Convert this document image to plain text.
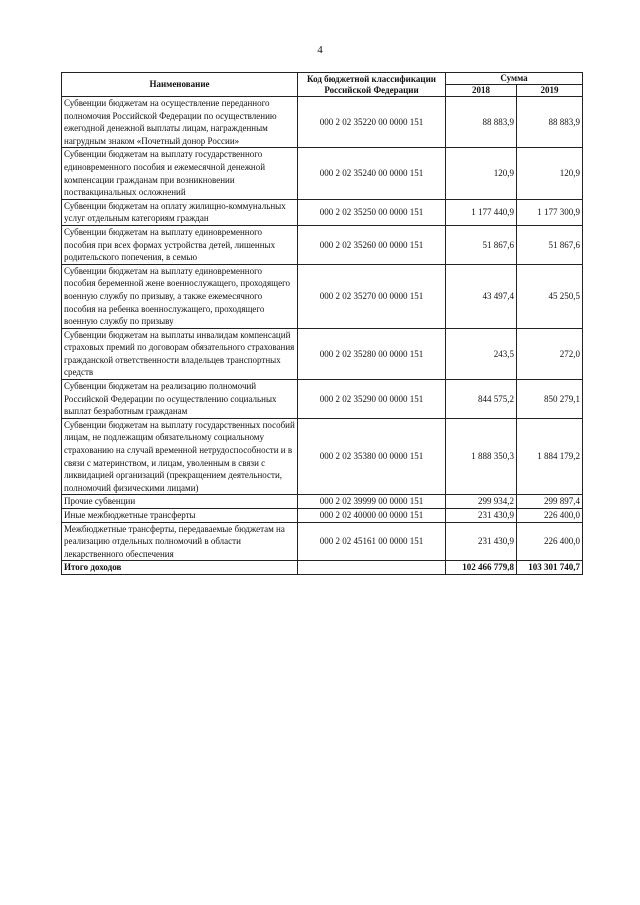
4
Наименование	Код бюджетной классификации Российской Федерации	Сумма	
		2018	2019
Субвенции бюджетам на осуществление переданного полномочия Российской Федерации по осуществлению ежегодной денежной выплаты лицам, награжденным нагрудным знаком «Почетный донор России»	000 2 02 35220 00 0000 151	88 883,9	88 883,9
Субвенции бюджетам на выплату государственного единовременного пособия и ежемесячной денежной компенсации гражданам при возникновении поствакцинальных осложнений	000 2 02 35240 00 0000 151	120,9	120,9
Субвенции бюджетам на оплату жилищно-коммунальных услуг отдельным категориям граждан	000 2 02 35250 00 0000 151	1 177 440,9	1 177 300,9
Субвенции бюджетам на выплату единовременного пособия при всех формах устройства детей, лишенных родительского попечения, в семью	000 2 02 35260 00 0000 151	51 867,6	51 867,6
Субвенции бюджетам на выплату единовременного пособия беременной жене военнослужащего, проходящего военную службу по призыву, а также ежемесячного пособия на ребенка военнослужащего, проходящего военную службу по призыву	000 2 02 35270 00 0000 151	43 497,4	45 250,5
Субвенции бюджетам на выплаты инвалидам компенсаций страховых премий по договорам обязательного страхования гражданской ответственности владельцев транспортных средств	000 2 02 35280 00 0000 151	243,5	272,0
Субвенции бюджетам на реализацию полномочий Российской Федерации по осуществлению социальных выплат безработным гражданам	000 2 02 35290 00 0000 151	844 575,2	850 279,1
Субвенции бюджетам на выплату государственных пособий лицам, не подлежащим обязательному социальному страхованию на случай временной нетрудоспособности и в связи с материнством, и лицам, уволенным в связи с ликвидацией организаций (прекращением деятельности, полномочий физическими лицами)	000 2 02 35380 00 0000 151	1 888 350,3	1 884 179,2
Прочие субвенции	000 2 02 39999 00 0000 151	299 934,2	299 897,4
Иные межбюджетные трансферты	000 2 02 40000 00 0000 151	231 430,9	226 400,0
Межбюджетные трансферты, передаваемые бюджетам на реализацию отдельных полномочий в области лекарственного обеспечения	000 2 02 45161 00 0000 151	231 430,9	226 400,0
Итого доходов		102 466 779,8	103 301 740,7
